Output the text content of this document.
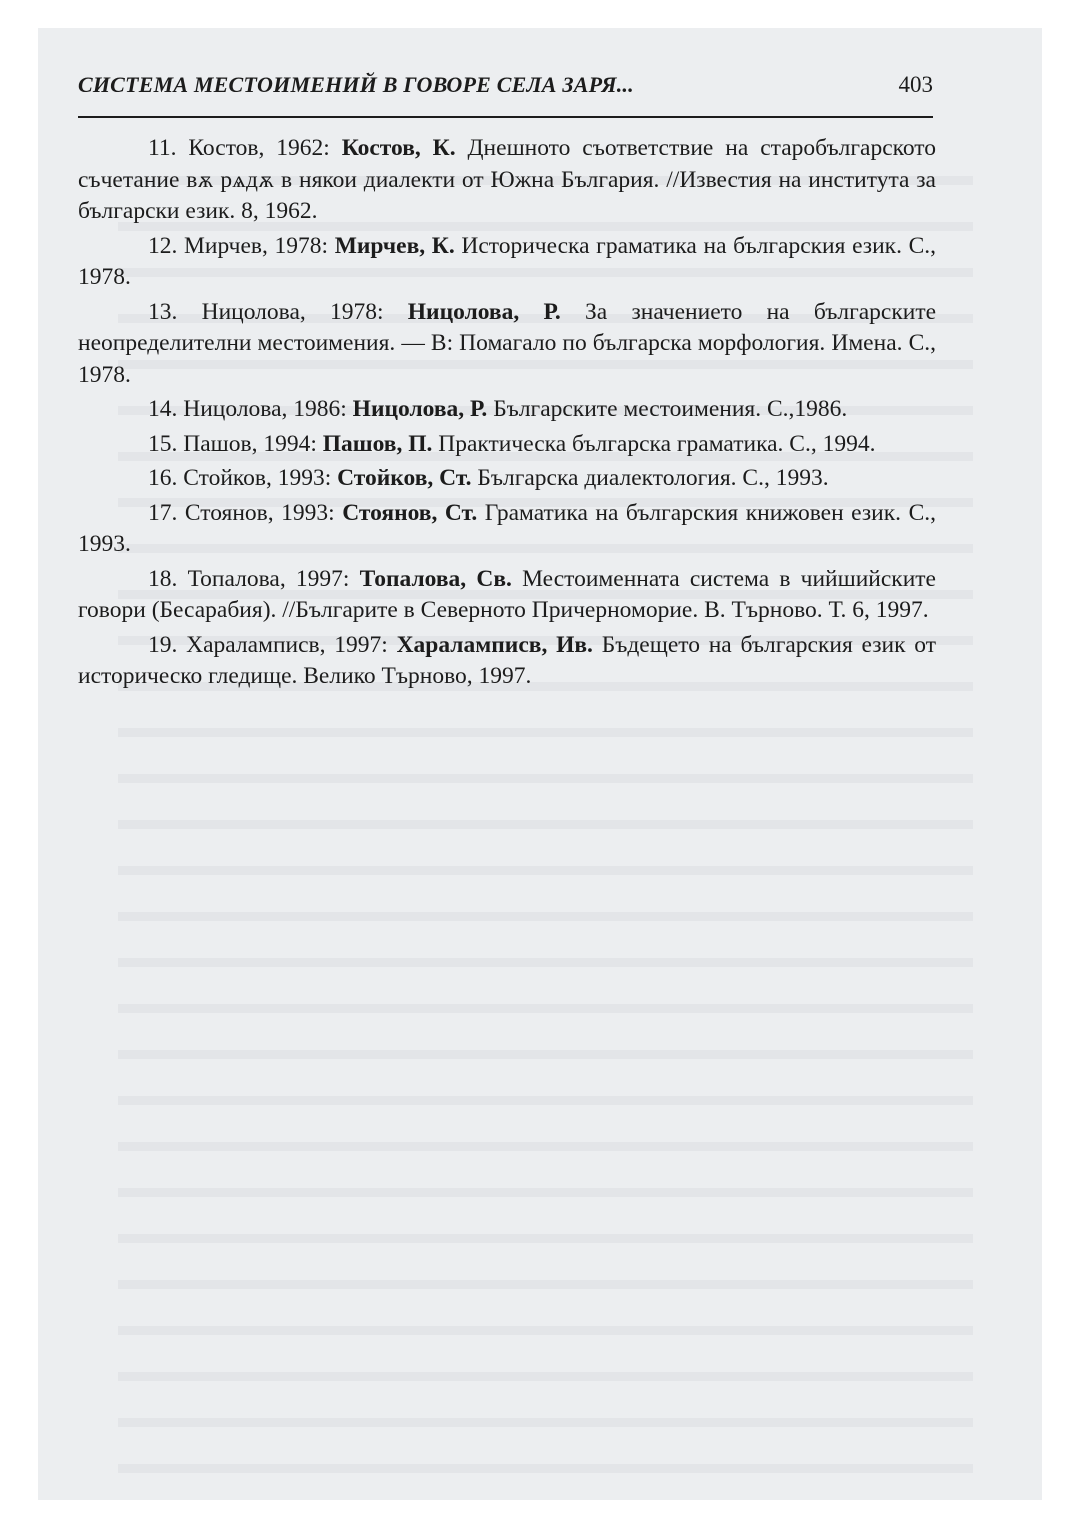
СИСТЕМА МЕСТОИМЕНИЙ В ГОВОРЕ СЕЛА ЗАРЯ...	403

11. Костов, 1962: Костов, К. Днешното съответствие на старобългарското съчетание вѫ рѧдѫ в някои диалекти от Южна България. //Известия на института за български език. 8, 1962.

12. Мирчев, 1978: Мирчев, К. Историческа граматика на българския език. С., 1978.

13. Ницолова, 1978: Ницолова, Р. За значението на българските неопределителни местоимения. — В: Помагало по българска морфология. Имена. С., 1978.

14. Ницолова, 1986: Ницолова, Р. Българските местоимения. С.,1986.

15. Пашов, 1994: Пашов, П. Практическа българска граматика. С., 1994.

16. Стойков, 1993: Стойков, Ст. Българска диалектология. С., 1993.

17. Стоянов, 1993: Стоянов, Ст. Граматика на българския книжовен език. С., 1993.

18. Топалова, 1997: Топалова, Св. Местоименната система в чийшийските говори (Бесарабия). //Българите в Северното Причерноморие. В. Търново. Т. 6, 1997.

19. Хараламписв, 1997: Хараламписв, Ив. Бъдещето на българския език от историческо гледище. Велико Търново, 1997.
